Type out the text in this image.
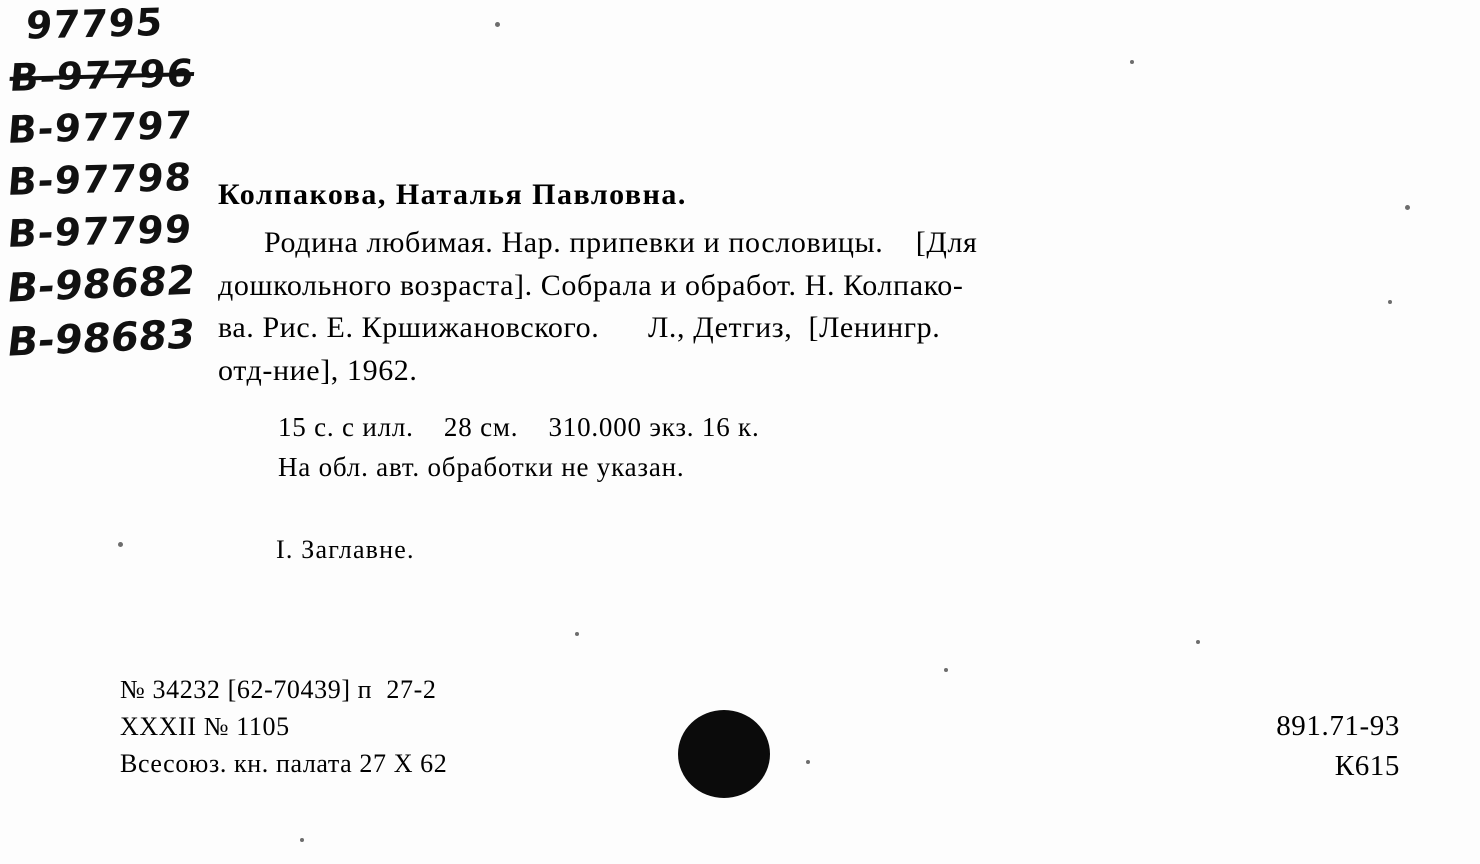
97795
В-97796
В-97797
В-97798
В-97799
В-98682
В-98683
Колпакова, Наталья Павловна.
Родина любимая. Нар. припевки и пословицы.    [Для
дошкольного возраста]. Собрала и обработ. Н. Колпако-
ва. Рис. Е. Кршижановского.      Л., Детгиз,  [Ленингр.
отд-ние], 1962.
15 с. с илл.    28 см.    310.000 экз. 16 к.
На обл. авт. обработки не указан.
I. Заглавне.
№ 34232 [62-70439] п  27-2
XXXII № 1105
Всесоюз. кн. палата 27 X 62
891.71-93
К615
